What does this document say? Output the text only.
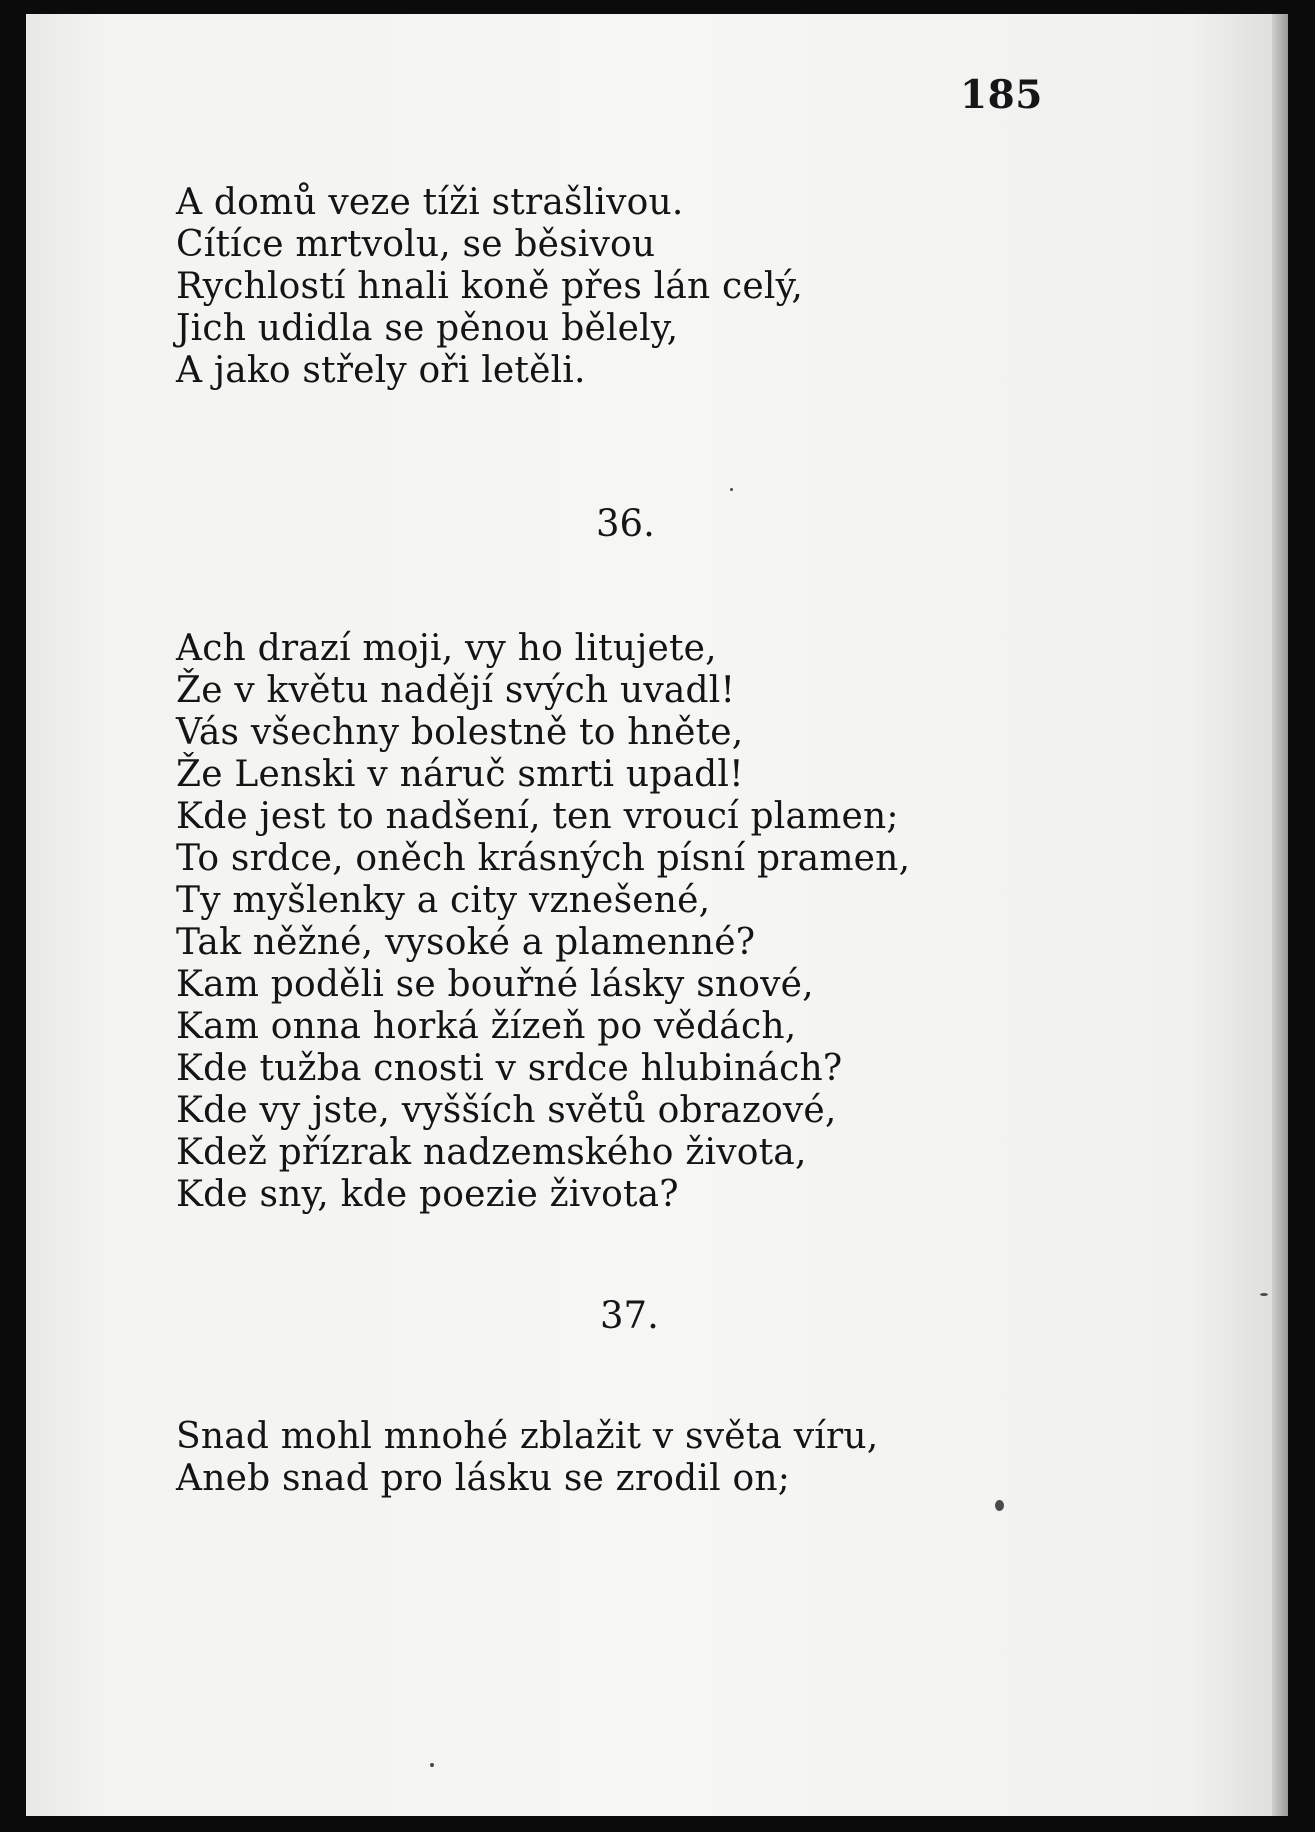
185
A domů veze tíži strašlivou.
Cítíce mrtvolu, se běsivou
Rychlostí hnali koně přes lán celý,
Jich udidla se pěnou bělely,
A jako střely oři letěli.
36.
Ach drazí moji, vy ho litujete,
Že v květu nadějí svých uvadl!
Vás všechny bolestně to hněte,
Že Lenski v náruč smrti upadl!
Kde jest to nadšení, ten vroucí plamen;
To srdce, oněch krásných písní pramen,
Ty myšlenky a city vznešené,
Tak něžné, vysoké a plamenné?
Kam poděli se bouřné lásky snové,
Kam onna horká žízeň po vědách,
Kde tužba cnosti v srdce hlubinách?
Kde vy jste, vyšších světů obrazové,
Kdež přízrak nadzemského života,
Kde sny, kde poezie života?
37.
Snad mohl mnohé zblažit v světa víru,
Aneb snad pro lásku se zrodil on;
